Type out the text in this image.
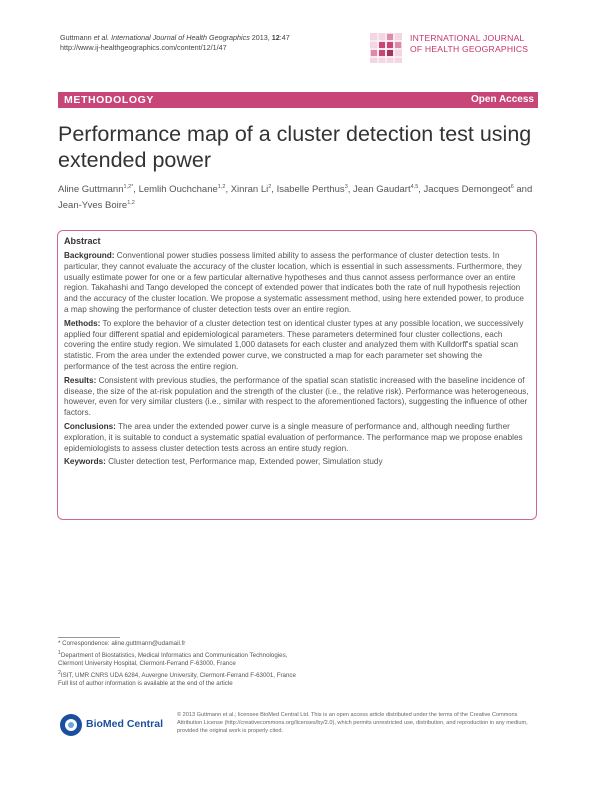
Guttmann et al. International Journal of Health Geographics 2013, 12:47
http://www.ij-healthgeographics.com/content/12/1/47
INTERNATIONAL JOURNAL
OF HEALTH GEOGRAPHICS
METHODOLOGY	Open Access
Performance map of a cluster detection test using extended power
Aline Guttmann$^{1,2*}$, Lemlih Ouchchane$^{1,2}$, Xinran Li$^2$, Isabelle Perthus$^3$, Jean Gaudart$^{4,5}$, Jacques Demongeot$^6$ and Jean-Yves Boire$^{1,2}$
Abstract

Background: Conventional power studies possess limited ability to assess the performance of cluster detection tests. In particular, they cannot evaluate the accuracy of the cluster location, which is essential in such assessments. Furthermore, they usually estimate power for one or a few particular alternative hypotheses and thus cannot assess performance over an entire region. Takahashi and Tango developed the concept of extended power that indicates both the rate of null hypothesis rejection and the accuracy of the cluster location. We propose a systematic assessment method, using here extended power, to produce a map showing the performance of cluster detection tests over an entire region.

Methods: To explore the behavior of a cluster detection test on identical cluster types at any possible location, we successively applied four different spatial and epidemiological parameters. These parameters determined four cluster collections, each covering the entire study region. We simulated 1,000 datasets for each cluster and analyzed them with Kulldorff's spatial scan statistic. From the area under the extended power curve, we constructed a map for each parameter set showing the performance of the test across the entire region.

Results: Consistent with previous studies, the performance of the spatial scan statistic increased with the baseline incidence of disease, the size of the at-risk population and the strength of the cluster (i.e., the relative risk). Performance was heterogeneous, however, even for very similar clusters (i.e., similar with respect to the aforementioned factors), suggesting the influence of other factors.

Conclusions: The area under the extended power curve is a single measure of performance and, although needing further exploration, it is suitable to conduct a systematic spatial evaluation of performance. The performance map we propose enables epidemiologists to assess cluster detection tests across an entire study region.

Keywords: Cluster detection test, Performance map, Extended power, Simulation study

* Correspondence: aline.guttmann@udamail.fr

$^1$Department of Biostatistics, Medical Informatics and Communication Technologies, Clermont University Hospital, Clermont-Ferrand F-63000, France

$^2$ISIT, UMR CNRS UDA 6284, Auvergne University, Clermont-Ferrand F-63001, France

Full list of author information is available at the end of the article

BioMed Central
© 2013 Guttmann et al.; licensee BioMed Central Ltd. This is an open access article distributed under the terms of the Creative Commons Attribution License (http://creativecommons.org/licenses/by/2.0), which permits unrestricted use, distribution, and reproduction in any medium, provided the original work is properly cited.
